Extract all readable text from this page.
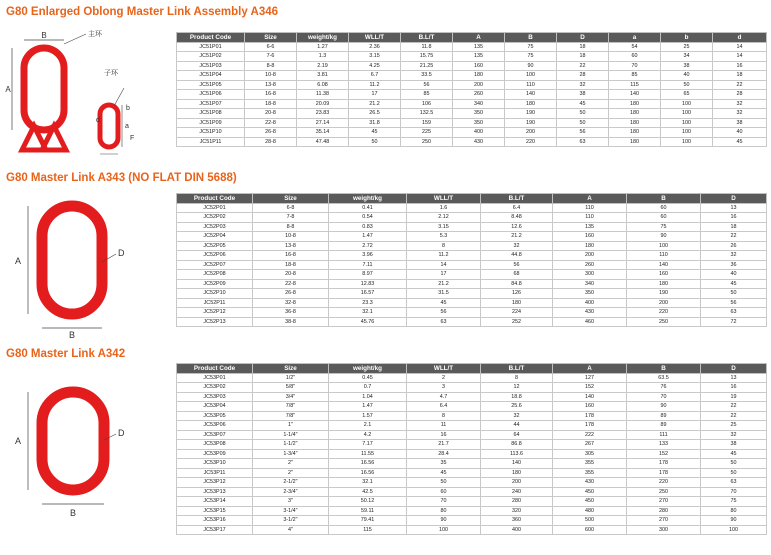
G80 Enlarged Oblong Master Link Assembly A346
B
A
主环
子环
d
b
a
F
Product Code	Size	weight/kg	WLL/T	B.L/T	A	B	D	a	b	d
JC51P01	6-6	1.27	2.36	11.8	135	75	18	54	25	14
JC51P02	7-6	1.3	3.15	15.75	135	75	18	60	34	14
JC51P03	8-8	2.19	4.25	21.25	160	90	22	70	38	16
JC51P04	10-8	3.81	6.7	33.5	180	100	28	85	40	18
JC51P05	13-8	6.08	11.2	56	200	110	32	115	50	22
JC51P06	16-8	11.38	17	85	260	140	38	140	65	28
JC51P07	18-8	20.09	21.2	106	340	180	45	180	100	32
JC51P08	20-8	23.83	26.5	132.5	350	190	50	180	100	32
JC51P09	22-8	27.14	31.8	159	350	190	50	180	100	38
JC51P10	26-8	35.14	45	225	400	200	56	180	100	40
JC51P11	28-8	47.48	50	250	430	220	63	180	100	45
G80 Master Link A343 (NO FLAT DIN 5688)
A
B
D
Product Code	Size	weight/kg	WLL/T	B.L/T	A	B	D
JC52P01	6-8	0.41	1.6	6.4	110	60	13
JC52P02	7-8	0.54	2.12	8.48	110	60	16
JC52P03	8-8	0.83	3.15	12.6	135	75	18
JC52P04	10-8	1.47	5.3	21.2	160	90	22
JC52P05	13-8	2.72	8	32	180	100	26
JC52P06	16-8	3.96	11.2	44.8	200	110	32
JC52P07	18-8	7.11	14	56	260	140	36
JC52P08	20-8	8.97	17	68	300	160	40
JC52P09	22-8	12.83	21.2	84.8	340	180	45
JC52P10	26-8	16.57	31.5	126	350	190	50
JC52P11	32-8	23.3	45	180	400	200	56
JC52P12	36-8	32.1	56	224	430	220	63
JC52P13	38-8	45.76	63	252	460	250	72
G80 Master Link A342
A
B
D
Product Code	Size	weight/kg	WLL/T	B.L/T	A	B	D
JC53P01	1/2"	0.45	2	8	127	63.5	13
JC53P02	5/8"	0.7	3	12	152	76	16
JC53P03	3/4"	1.04	4.7	18.8	140	70	19
JC53P04	7/8"	1.47	6.4	25.6	160	90	22
JC53P05	7/8"	1.57	8	32	178	89	22
JC53P06	1"	2.1	11	44	178	89	25
JC53P07	1-1/4"	4.2	16	64	222	111	32
JC53P08	1-1/2"	7.17	21.7	86.8	267	133	38
JC53P09	1-3/4"	11.55	28.4	113.6	305	152	45
JC53P10	2"	16.56	35	140	355	178	50
JC53P11	2"	16.56	45	180	355	178	50
JC53P12	2-1/2"	32.1	50	200	430	220	63
JC53P13	2-3/4"	42.5	60	240	450	250	70
JC53P14	3"	50.12	70	280	450	270	75
JC53P15	3-1/4"	59.11	80	320	480	280	80
JC53P16	3-1/2"	79.41	90	360	500	270	90
JC53P17	4"	115	100	400	600	300	100
